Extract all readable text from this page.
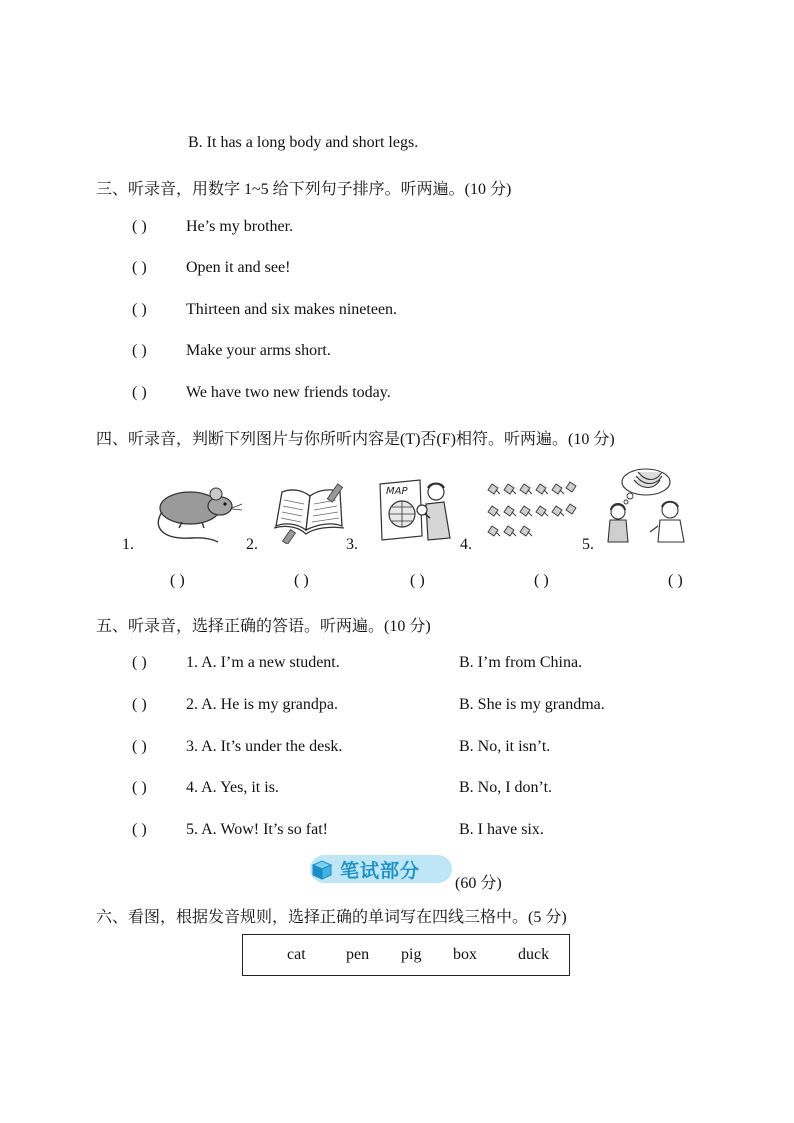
B. It has a long body and short legs.
三、听录音，用数字 1~5 给下列句子排序。听两遍。(10 分)
( ) He’s my brother.
( ) Open it and see!
( ) Thirteen and six makes nineteen.
( ) Make your arms short.
( ) We have two new friends today.
四、听录音，判断下列图片与你所听内容是(T)否(F)相符。听两遍。(10 分)
MAP
1.	2.	3.	4.	5.
( )	( )	( )	( )	( )
五、听录音，选择正确的答语。听两遍。(10 分)
( ) 1. A. I’m a new student.	B. I’m from China.
( ) 2. A. He is my grandpa.	B. She is my grandma.
( ) 3. A. It’s under the desk.	B. No, it isn’t.
( ) 4. A. Yes, it is.	B. No, I don’t.
( ) 5. A. Wow! It’s so fat!	B. I have six.
笔试部分
(60 分)
六、看图，根据发音规则，选择正确的单词写在四线三格中。(5 分)
cat	pen pig box	duck
